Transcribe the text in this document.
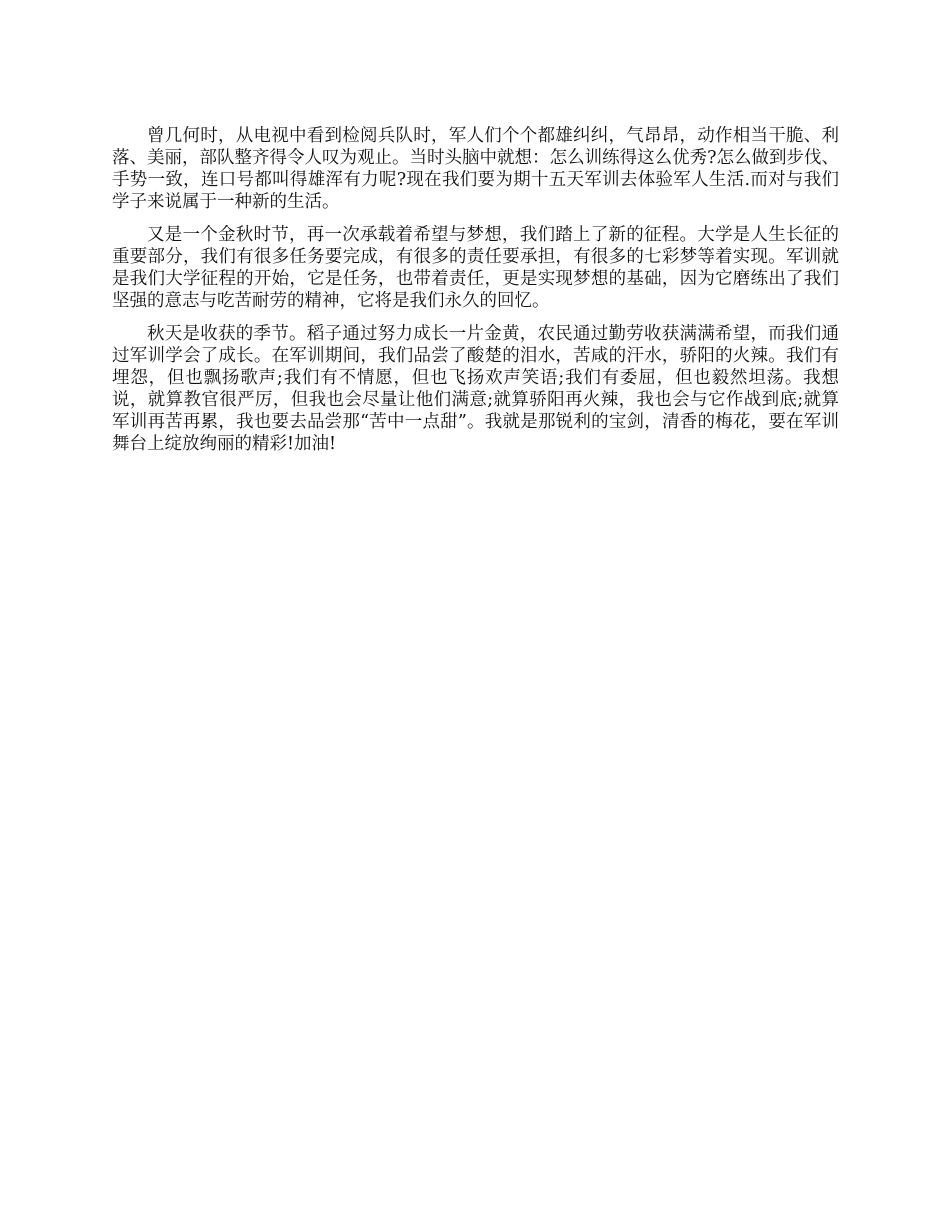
曾几何时，从电视中看到检阅兵队时，军人们个个都雄纠纠，气昂昂，动作相当干脆、利落、美丽，部队整齐得令人叹为观止。当时头脑中就想：怎么训练得这么优秀?怎么做到步伐、手势一致，连口号都叫得雄浑有力呢?现在我们要为期十五天军训去体验军人生活.而对与我们学子来说属于一种新的生活。

又是一个金秋时节，再一次承载着希望与梦想，我们踏上了新的征程。大学是人生长征的重要部分，我们有很多任务要完成，有很多的责任要承担，有很多的七彩梦等着实现。军训就是我们大学征程的开始，它是任务，也带着责任，更是实现梦想的基础，因为它磨练出了我们坚强的意志与吃苦耐劳的精神，它将是我们永久的回忆。

秋天是收获的季节。稻子通过努力成长一片金黄，农民通过勤劳收获满满希望，而我们通过军训学会了成长。在军训期间，我们品尝了酸楚的泪水，苦咸的汗水，骄阳的火辣。我们有埋怨，但也飘扬歌声;我们有不情愿，但也飞扬欢声笑语;我们有委屈，但也毅然坦荡。我想说，就算教官很严厉，但我也会尽量让他们满意;就算骄阳再火辣，我也会与它作战到底;就算军训再苦再累，我也要去品尝那“苦中一点甜”。我就是那锐利的宝剑，清香的梅花，要在军训舞台上绽放绚丽的精彩!加油!
